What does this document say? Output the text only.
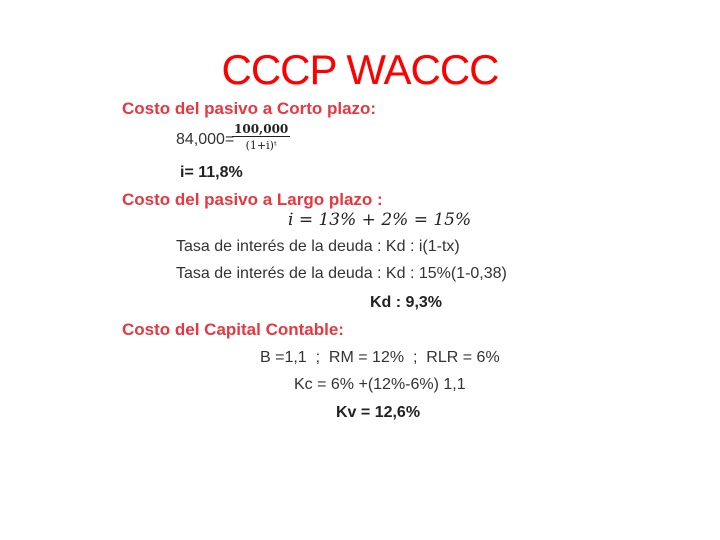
CCCP WACCC
Costo del pasivo a Corto plazo:
84,000=
$\frac{100,000}{\text{(1+i)ᵗ}}$
i= 11,8%
Costo del pasivo a Largo plazo :
i = 13% + 2% = 15%
Tasa de interés de la deuda : Kd : i(1-tx)
Tasa de interés de la deuda : Kd : 15%(1-0,38)
Kd : 9,3%
Costo del Capital Contable:
B =1,1  ;  RM = 12%  ;  RLR = 6%
Kc = 6% +(12%-6%) 1,1
Kv = 12,6%
